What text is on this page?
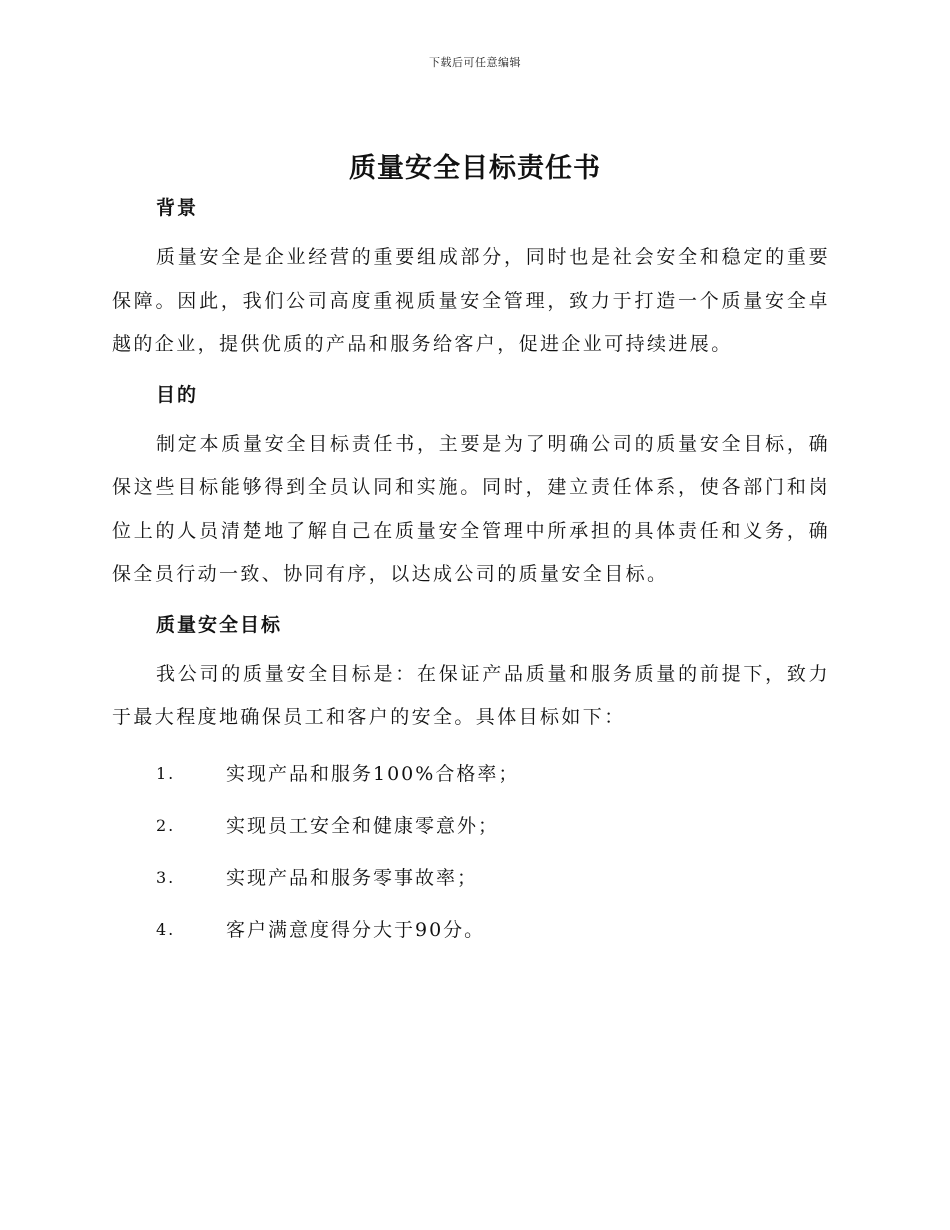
下载后可任意编辑
质量安全目标责任书
背景

质量安全是企业经营的重要组成部分，同时也是社会安全和稳定的重要保障。因此，我们公司高度重视质量安全管理，致力于打造一个质量安全卓越的企业，提供优质的产品和服务给客户，促进企业可持续进展。

目的

制定本质量安全目标责任书，主要是为了明确公司的质量安全目标，确保这些目标能够得到全员认同和实施。同时，建立责任体系，使各部门和岗位上的人员清楚地了解自己在质量安全管理中所承担的具体责任和义务，确保全员行动一致、协同有序，以达成公司的质量安全目标。

质量安全目标

我公司的质量安全目标是：在保证产品质量和服务质量的前提下，致力于最大程度地确保员工和客户的安全。具体目标如下：

1.	实现产品和服务100%合格率；
2.	实现员工安全和健康零意外；
3.	实现产品和服务零事故率；
4.	客户满意度得分大于90分。
